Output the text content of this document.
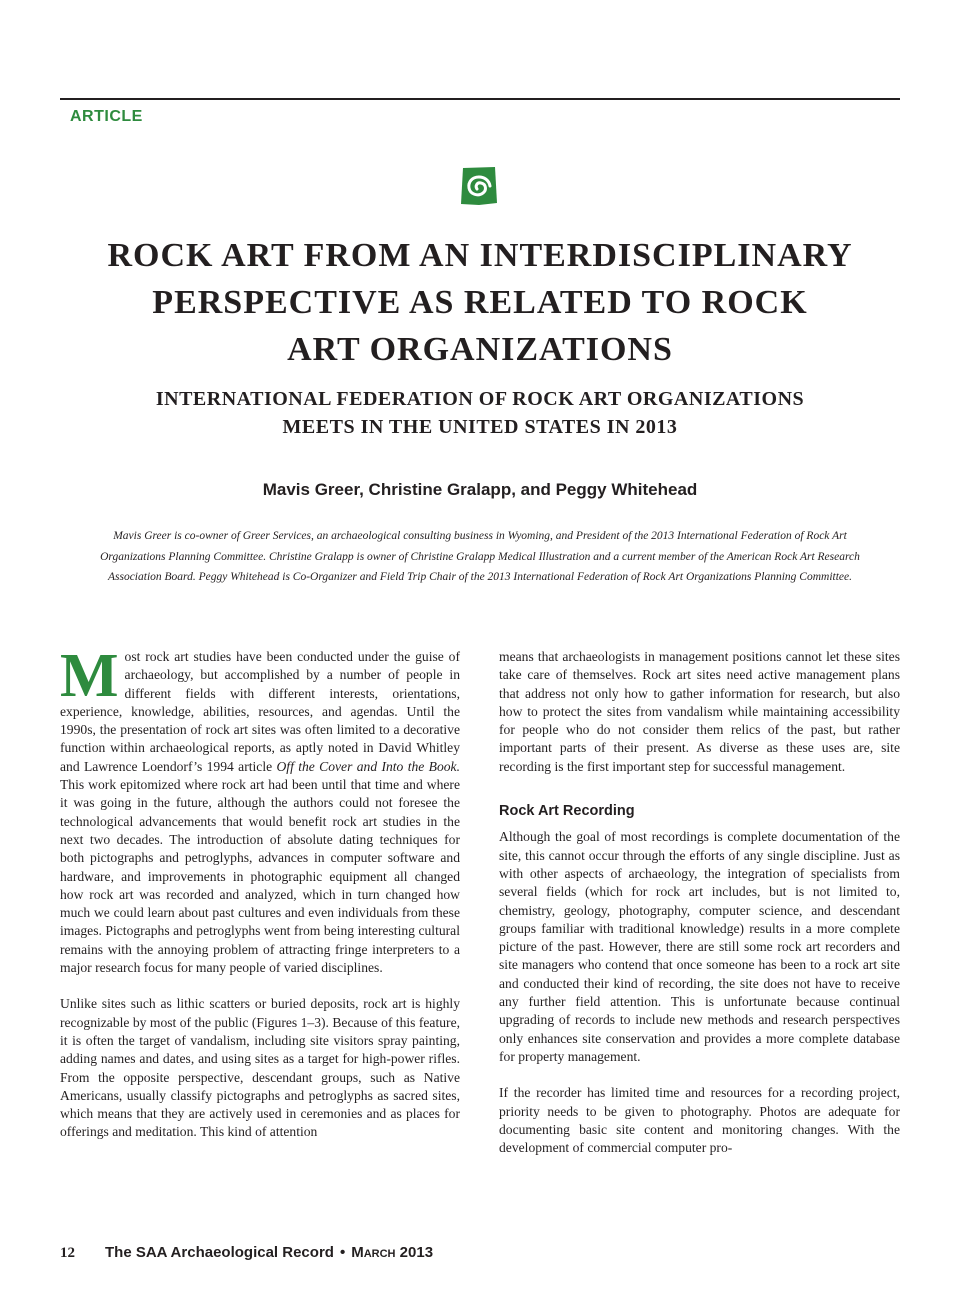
ARTICLE
ROCK ART FROM AN INTERDISCIPLINARY
PERSPECTIVE AS RELATED TO ROCK
ART ORGANIZATIONS
INTERNATIONAL FEDERATION OF ROCK ART ORGANIZATIONS
MEETS IN THE UNITED STATES IN 2013
Mavis Greer, Christine Gralapp, and Peggy Whitehead

Mavis Greer is co-owner of Greer Services, an archaeological consulting business in Wyoming, and President of the 2013 International Federation of Rock Art Organizations Planning Committee. Christine Gralapp is owner of Christine Gralapp Medical Illustration and a current member of the American Rock Art Research Association Board. Peggy Whitehead is Co-Organizer and Field Trip Chair of the 2013 International Federation of Rock Art Organizations Planning Committee.

Most rock art studies have been conducted under the guise of archaeology, but accomplished by a number of people in different fields with different interests, orientations, experience, knowledge, abilities, resources, and agendas. Until the 1990s, the presentation of rock art sites was often limited to a decorative function within archaeological reports, as aptly noted in David Whitley and Lawrence Loendorf’s 1994 article Off the Cover and Into the Book. This work epitomized where rock art had been until that time and where it was going in the future, although the authors could not foresee the technological advancements that would benefit rock art studies in the next two decades. The introduction of absolute dating techniques for both pictographs and petroglyphs, advances in computer software and hardware, and improvements in photographic equipment all changed how rock art was recorded and analyzed, which in turn changed how much we could learn about past cultures and even individuals from these images. Pictographs and petroglyphs went from being interesting cultural remains with the annoying problem of attracting fringe interpreters to a major research focus for many people of varied disciplines.

Unlike sites such as lithic scatters or buried deposits, rock art is highly recognizable by most of the public (Figures 1–3). Because of this feature, it is often the target of vandalism, including site visitors spray painting, adding names and dates, and using sites as a target for high-power rifles. From the opposite perspective, descendant groups, such as Native Americans, usually classify pictographs and petroglyphs as sacred sites, which means that they are actively used in ceremonies and as places for offerings and meditation. This kind of attention

means that archaeologists in management positions cannot let these sites take care of themselves. Rock art sites need active management plans that address not only how to gather information for research, but also how to protect the sites from vandalism while maintaining accessibility for people who do not consider them relics of the past, but rather important parts of their present. As diverse as these uses are, site recording is the first important step for successful management.

Rock Art Recording

Although the goal of most recordings is complete documentation of the site, this cannot occur through the efforts of any single discipline. Just as with other aspects of archaeology, the integration of specialists from several fields (which for rock art includes, but is not limited to, chemistry, geology, photography, computer science, and descendant groups familiar with traditional knowledge) results in a more complete picture of the past. However, there are still some rock art recorders and site managers who contend that once someone has been to a rock art site and conducted their kind of recording, the site does not have to receive any further field attention. This is unfortunate because continual upgrading of records to include new methods and research perspectives only enhances site conservation and provides a more complete database for property management.

If the recorder has limited time and resources for a recording project, priority needs to be given to photography. Photos are adequate for documenting basic site content and monitoring changes. With the development of commercial computer pro-

12 The SAA Archaeological Record • March 2013
